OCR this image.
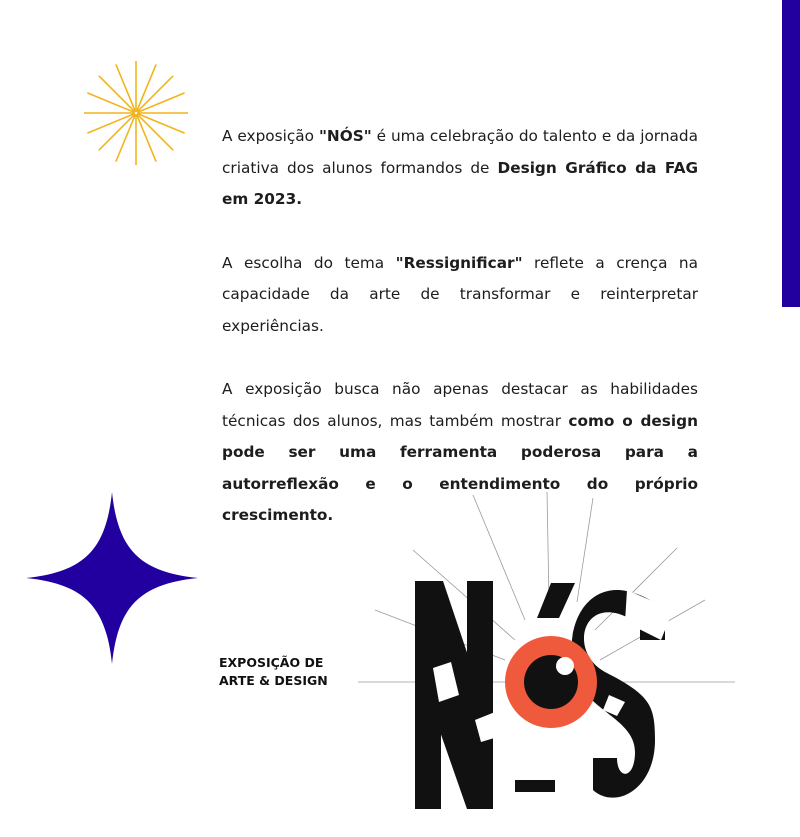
A exposição "NÓS" é uma celebração do talento e da jornada criativa dos alunos formandos de Design Gráfico da FAG em 2023.

A escolha do tema "Ressignificar" reflete a crença na capacidade da arte de transformar e reinterpretar experiências.

A exposição busca não apenas destacar as habilidades técnicas dos alunos, mas também mostrar como o design pode ser uma ferramenta poderosa para a autorreflexão e o entendimento do próprio crescimento.

EXPOSIÇÃO DE
ARTE & DESIGN
